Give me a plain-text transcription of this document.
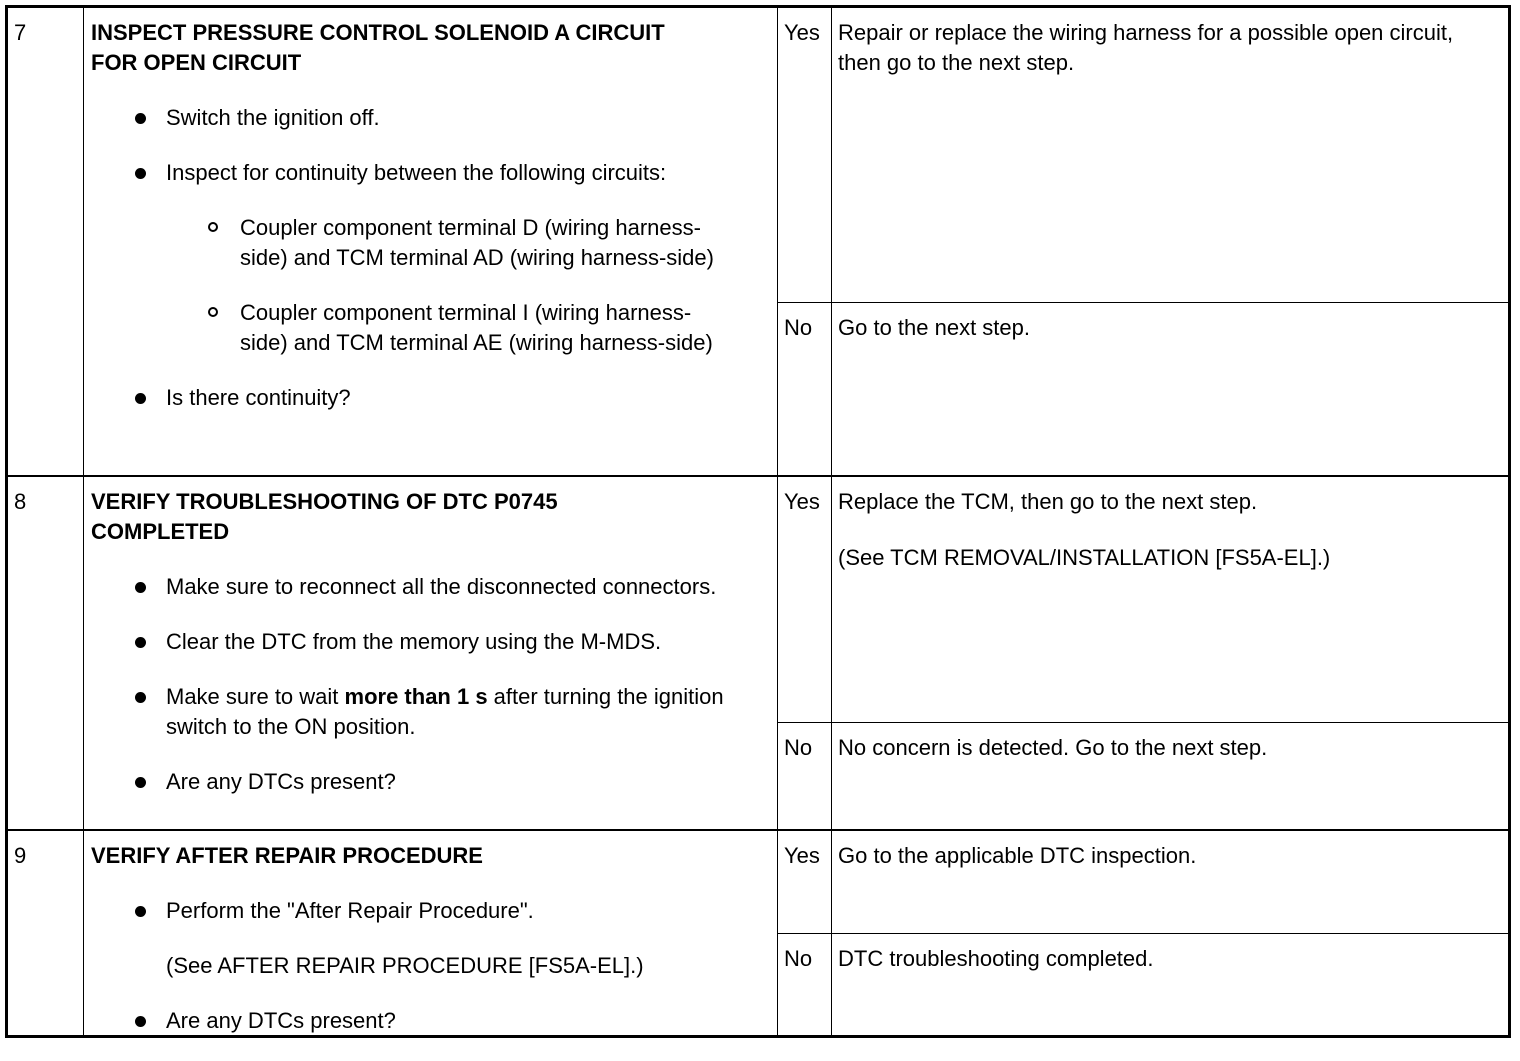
7	INSPECT PRESSURE CONTROL SOLENOID A CIRCUIT
FOR OPEN CIRCUIT
Switch the ignition off.
Inspect for continuity between the following circuits:
Coupler component terminal D (wiring harness-side) and TCM terminal AD (wiring harness-side)
Coupler component terminal I (wiring harness-side) and TCM terminal AE (wiring harness-side)
Is there continuity?
Yes Repair or replace the wiring harness for a possible open circuit, then go to the next step.

No Go to the next step.

8	VERIFY TROUBLESHOOTING OF DTC P0745
COMPLETED
Make sure to reconnect all the disconnected connectors.
Clear the DTC from the memory using the M-MDS.
Make sure to wait more than 1 s after turning the ignition switch to the ON position.
Are any DTCs present?
Yes Replace the TCM, then go to the next step.

(See TCM REMOVAL/INSTALLATION [FS5A-EL].)

No No concern is detected. Go to the next step.

9	VERIFY AFTER REPAIR PROCEDURE
Perform the "After Repair Procedure".
(See AFTER REPAIR PROCEDURE [FS5A-EL].)
Are any DTCs present?
Yes Go to the applicable DTC inspection.

No DTC troubleshooting completed.
